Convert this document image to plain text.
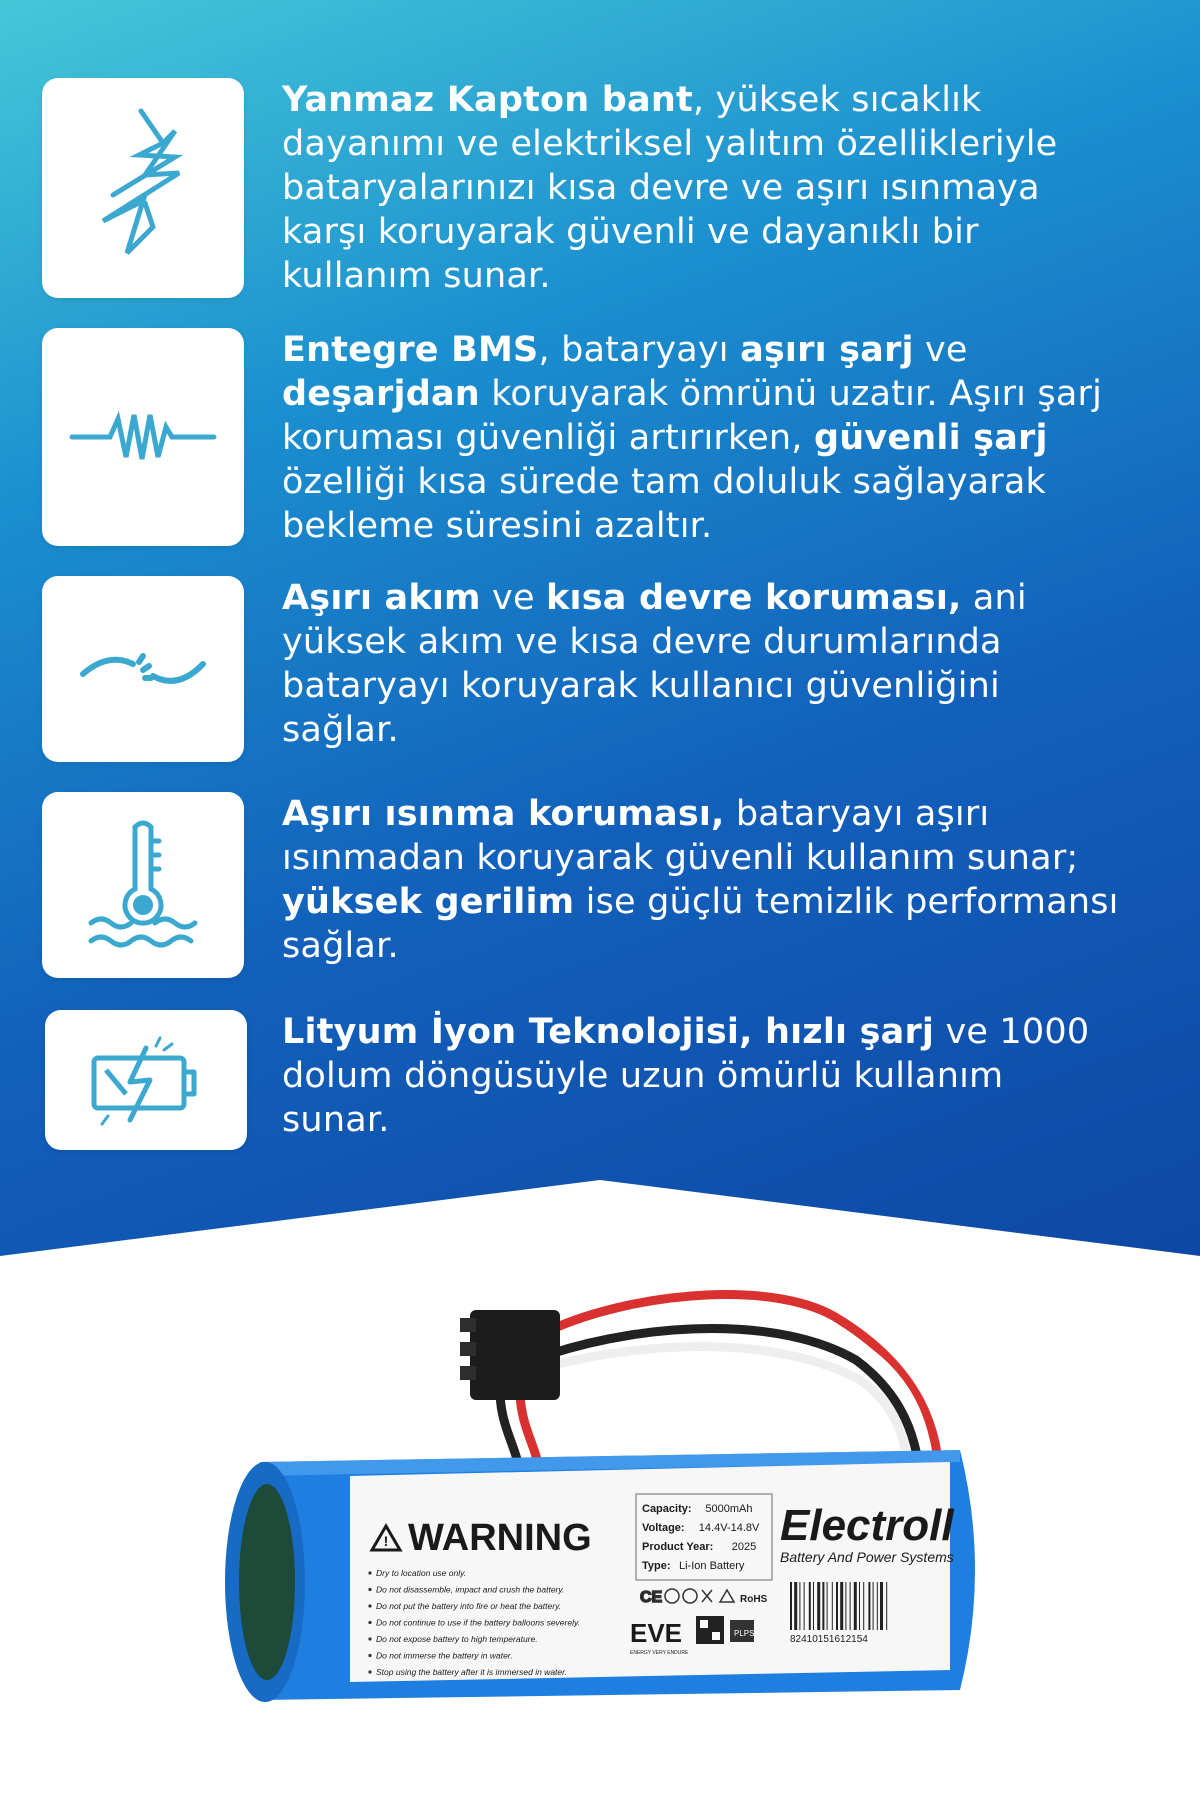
Yanmaz Kapton bant, yüksek sıcaklık
dayanımı ve elektriksel yalıtım özellikleriyle
bataryalarınızı kısa devre ve aşırı ısınmaya
karşı koruyarak güvenli ve dayanıklı bir
kullanım sunar.
Entegre BMS, bataryayı aşırı şarj ve
deşarjdan koruyarak ömrünü uzatır. Aşırı şarj
koruması güvenliği artırırken, güvenli şarj
özelliği kısa sürede tam doluluk sağlayarak
bekleme süresini azaltır.
Aşırı akım ve kısa devre koruması, ani
yüksek akım ve kısa devre durumlarında
bataryayı koruyarak kullanıcı güvenliğini
sağlar.
Aşırı ısınma koruması, bataryayı aşırı
ısınmadan koruyarak güvenli kullanım sunar;
yüksek gerilim ise güçlü temizlik performansı
sağlar.
Lityum İyon Teknolojisi, hızlı şarj ve 1000
dolum döngüsüyle uzun ömürlü kullanım
sunar.
! WARNING
Dry to location use only.
Do not disassemble, impact and crush the battery.
Do not put the battery into fire or heat the battery.
Do not continue to use if the battery balloons severely.
Do not expose battery to high temperature.
Do not immerse the battery in water.
Stop using the battery after it is immersed in water.
Capacity: 5000mAh
Voltage: 14.4V-14.8V
Product Year: 2025
Type: Li-Ion Battery
Electroll
Battery And Power Systems
CE	RoHS
EVE
ENERGY VERY ENDURE
PLPS
82410151612154
